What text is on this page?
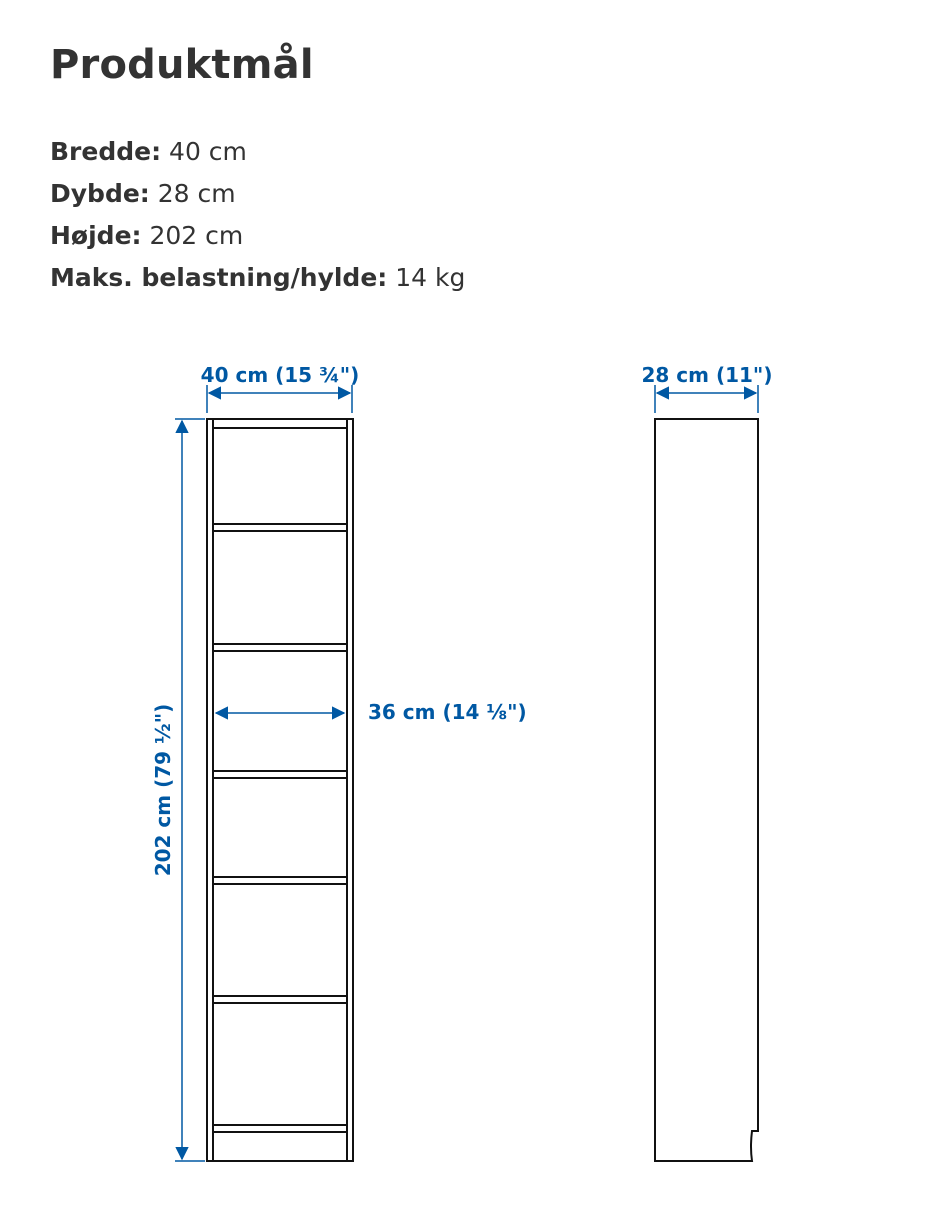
Produktmål
Bredde: 40 cm
Dybde: 28 cm
Højde: 202 cm
Maks. belastning/hylde: 14 kg
40 cm (15 ¾")
36 cm (14 ⅛")
202 cm (79 ½")
28 cm (11")
